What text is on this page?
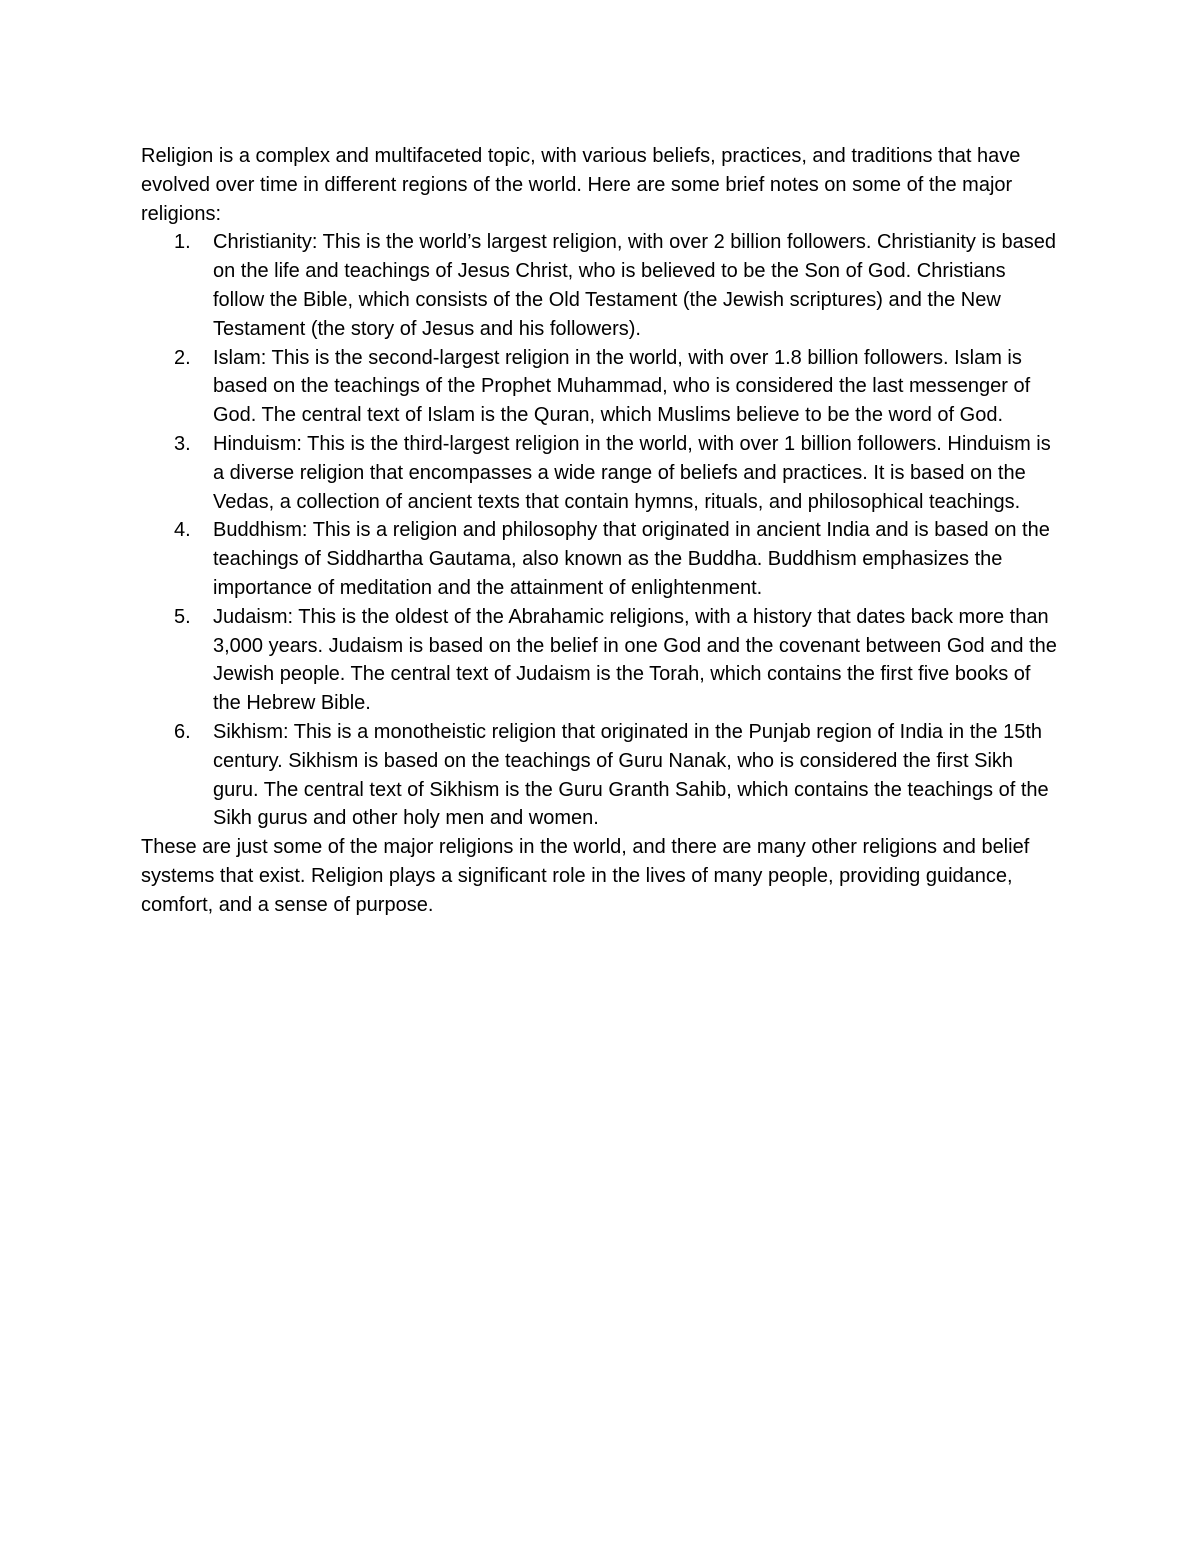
Religion is a complex and multifaceted topic, with various beliefs, practices, and traditions that have evolved over time in different regions of the world. Here are some brief notes on some of the major religions:

1. Christianity: This is the world’s largest religion, with over 2 billion followers. Christianity is based on the life and teachings of Jesus Christ, who is believed to be the Son of God. Christians follow the Bible, which consists of the Old Testament (the Jewish scriptures) and the New Testament (the story of Jesus and his followers).
2. Islam: This is the second-largest religion in the world, with over 1.8 billion followers. Islam is based on the teachings of the Prophet Muhammad, who is considered the last messenger of God. The central text of Islam is the Quran, which Muslims believe to be the word of God.
3. Hinduism: This is the third-largest religion in the world, with over 1 billion followers. Hinduism is a diverse religion that encompasses a wide range of beliefs and practices. It is based on the Vedas, a collection of ancient texts that contain hymns, rituals, and philosophical teachings.
4. Buddhism: This is a religion and philosophy that originated in ancient India and is based on the teachings of Siddhartha Gautama, also known as the Buddha. Buddhism emphasizes the importance of meditation and the attainment of enlightenment.
5. Judaism: This is the oldest of the Abrahamic religions, with a history that dates back more than 3,000 years. Judaism is based on the belief in one God and the covenant between God and the Jewish people. The central text of Judaism is the Torah, which contains the first five books of the Hebrew Bible.
6. Sikhism: This is a monotheistic religion that originated in the Punjab region of India in the 15th century. Sikhism is based on the teachings of Guru Nanak, who is considered the first Sikh guru. The central text of Sikhism is the Guru Granth Sahib, which contains the teachings of the Sikh gurus and other holy men and women.

These are just some of the major religions in the world, and there are many other religions and belief systems that exist. Religion plays a significant role in the lives of many people, providing guidance, comfort, and a sense of purpose.
